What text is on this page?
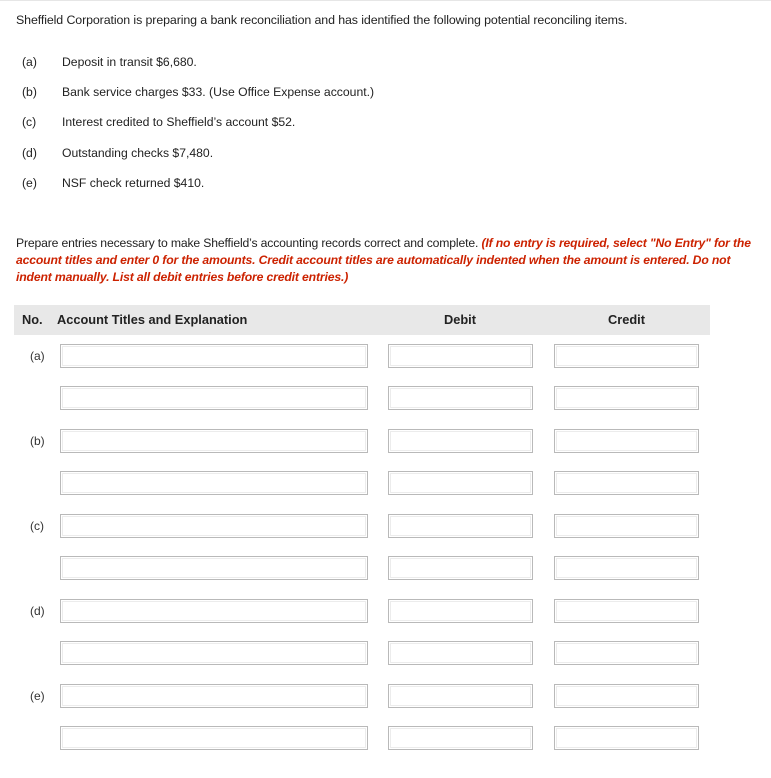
Sheffield Corporation is preparing a bank reconciliation and has identified the following potential reconciling items.
(a) Deposit in transit $6,680.
(b) Bank service charges $33. (Use Office Expense account.)
(c) Interest credited to Sheffield’s account $52.
(d) Outstanding checks $7,480.
(e) NSF check returned $410.
Prepare entries necessary to make Sheffield’s accounting records correct and complete. (If no entry is required, select "No Entry" for the account titles and enter 0 for the amounts. Credit account titles are automatically indented when the amount is entered. Do not indent manually. List all debit entries before credit entries.)
No. Account Titles and Explanation	Debit	Credit
(a)
(b)
(c)
(d)
(e)
